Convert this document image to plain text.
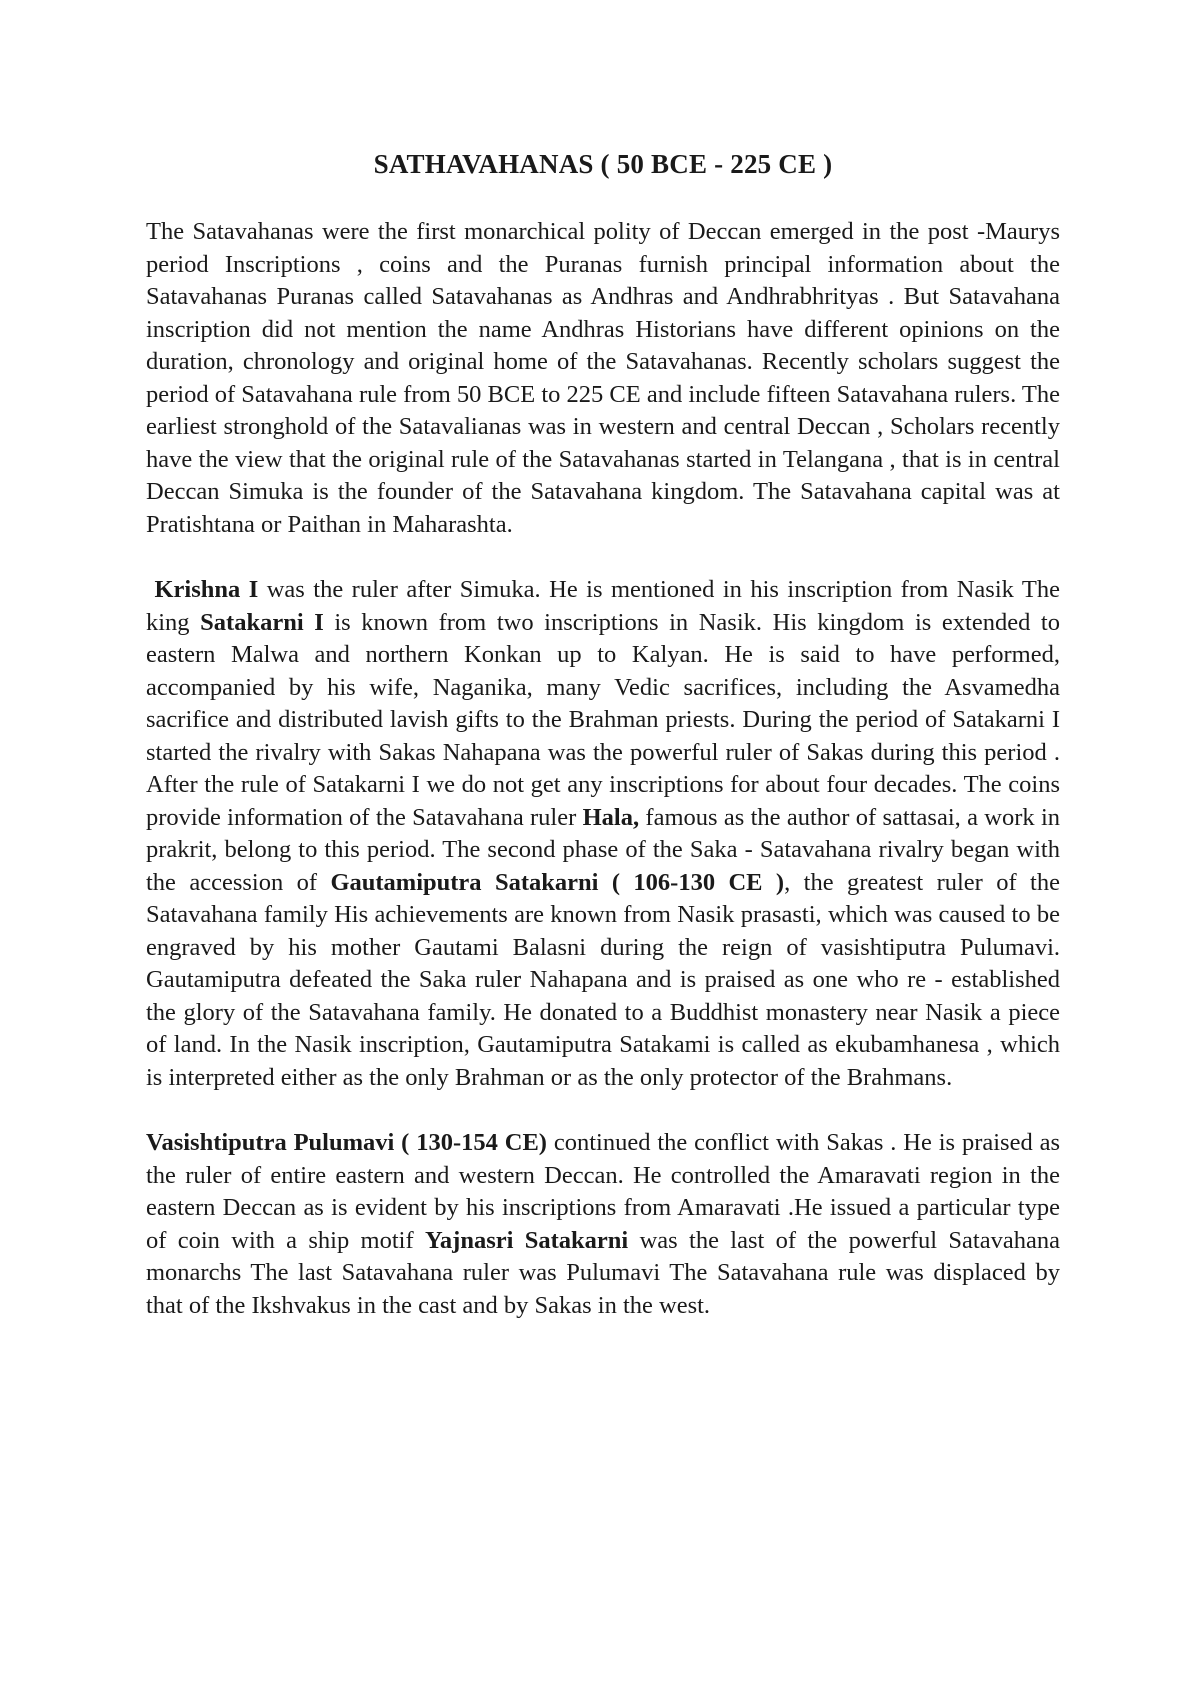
SATHAVAHANAS ( 50 BCE - 225 CE )

The Satavahanas were the first monarchical polity of Deccan emerged in the post -Maurys period Inscriptions , coins and the Puranas furnish principal information about the Satavahanas Puranas called Satavahanas as Andhras and Andhrabhrityas . But Satavahana inscription did not mention the name Andhras Historians have different opinions on the duration, chronology and original home of the Satavahanas. Recently scholars suggest the period of Satavahana rule from 50 BCE to 225 CE and include fifteen Satavahana rulers. The earliest stronghold of the Satavalianas was in western and central Deccan , Scholars recently have the view that the original rule of the Satavahanas started in Telangana , that is in central Deccan Simuka is the founder of the Satavahana kingdom. The Satavahana capital was at Pratishtana or Paithan in Maharashta.

Krishna I was the ruler after Simuka. He is mentioned in his inscription from Nasik The king Satakarni I is known from two inscriptions in Nasik. His kingdom is extended to eastern Malwa and northern Konkan up to Kalyan. He is said to have performed, accompanied by his wife, Naganika, many Vedic sacrifices, including the Asvamedha sacrifice and distributed lavish gifts to the Brahman priests. During the period of Satakarni I started the rivalry with Sakas Nahapana was the powerful ruler of Sakas during this period . After the rule of Satakarni I we do not get any inscriptions for about four decades. The coins provide information of the Satavahana ruler Hala, famous as the author of sattasai, a work in prakrit, belong to this period. The second phase of the Saka - Satavahana rivalry began with the accession of Gautamiputra Satakarni ( 106-130 CE ), the greatest ruler of the Satavahana family His achievements are known from Nasik prasasti, which was caused to be engraved by his mother Gautami Balasni during the reign of vasishtiputra Pulumavi. Gautamiputra defeated the Saka ruler Nahapana and is praised as one who re - established the glory of the Satavahana family. He donated to a Buddhist monastery near Nasik a piece of land. In the Nasik inscription, Gautamiputra Satakami is called as ekubamhanesa , which is interpreted either as the only Brahman or as the only protector of the Brahmans.

Vasishtiputra Pulumavi ( 130-154 CE) continued the conflict with Sakas . He is praised as the ruler of entire eastern and western Deccan. He controlled the Amaravati region in the eastern Deccan as is evident by his inscriptions from Amaravati .He issued a particular type of coin with a ship motif Yajnasri Satakarni was the last of the powerful Satavahana monarchs The last Satavahana ruler was Pulumavi The Satavahana rule was displaced by that of the Ikshvakus in the cast and by Sakas in the west.
